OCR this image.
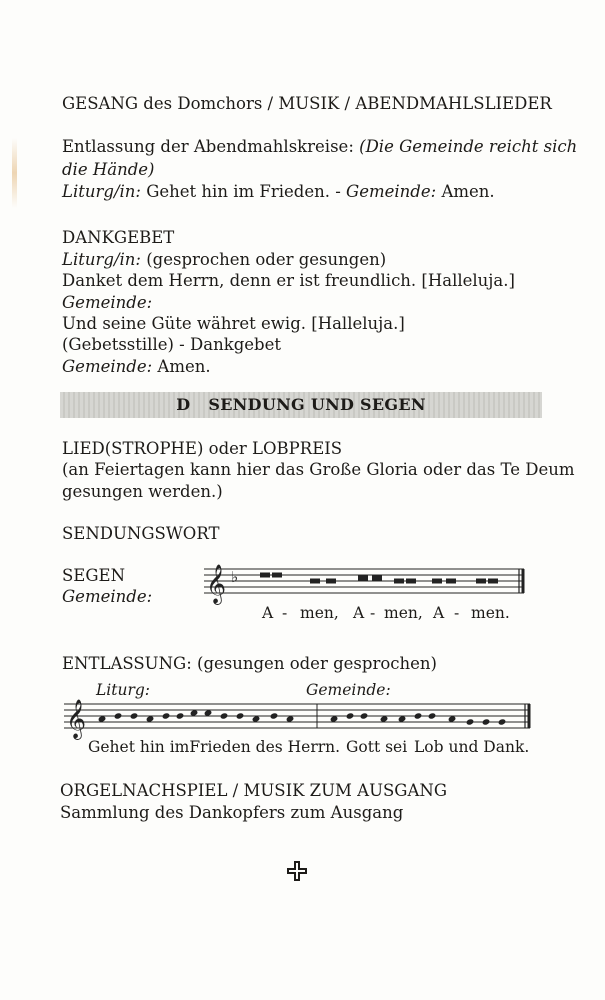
GESANG des Domchors / MUSIK / ABENDMAHLSLIEDER
Entlassung der Abendmahlskreise: (Die Gemeinde reicht sich
die Hände)
Liturg/in: Gehet hin im Frieden. - Gemeinde: Amen.
DANKGEBET
Liturg/in: (gesprochen oder gesungen)
Danket dem Herrn, denn er ist freundlich. [Halleluja.]
Gemeinde:
Und seine Güte währet ewig. [Halleluja.]
(Gebetsstille) - Dankgebet
Gemeinde: Amen.
D SENDUNG UND SEGEN
LIED(STROPHE) oder LOBPREIS
(an Feiertagen kann hier das Große Gloria oder das Te Deum
gesungen werden.)
SENDUNGSWORT
SEGEN
Gemeinde: 𝄞 ♭
A - men, A - men, A - men.
ENTLASSUNG: (gesungen oder gesprochen)
Liturg:	Gemeinde:
𝄞
Gehet hin imFrieden des Herrn. Gott sei Lob und Dank.
ORGELNACHSPIEL / MUSIK ZUM AUSGANG
Sammlung des Dankopfers zum Ausgang
